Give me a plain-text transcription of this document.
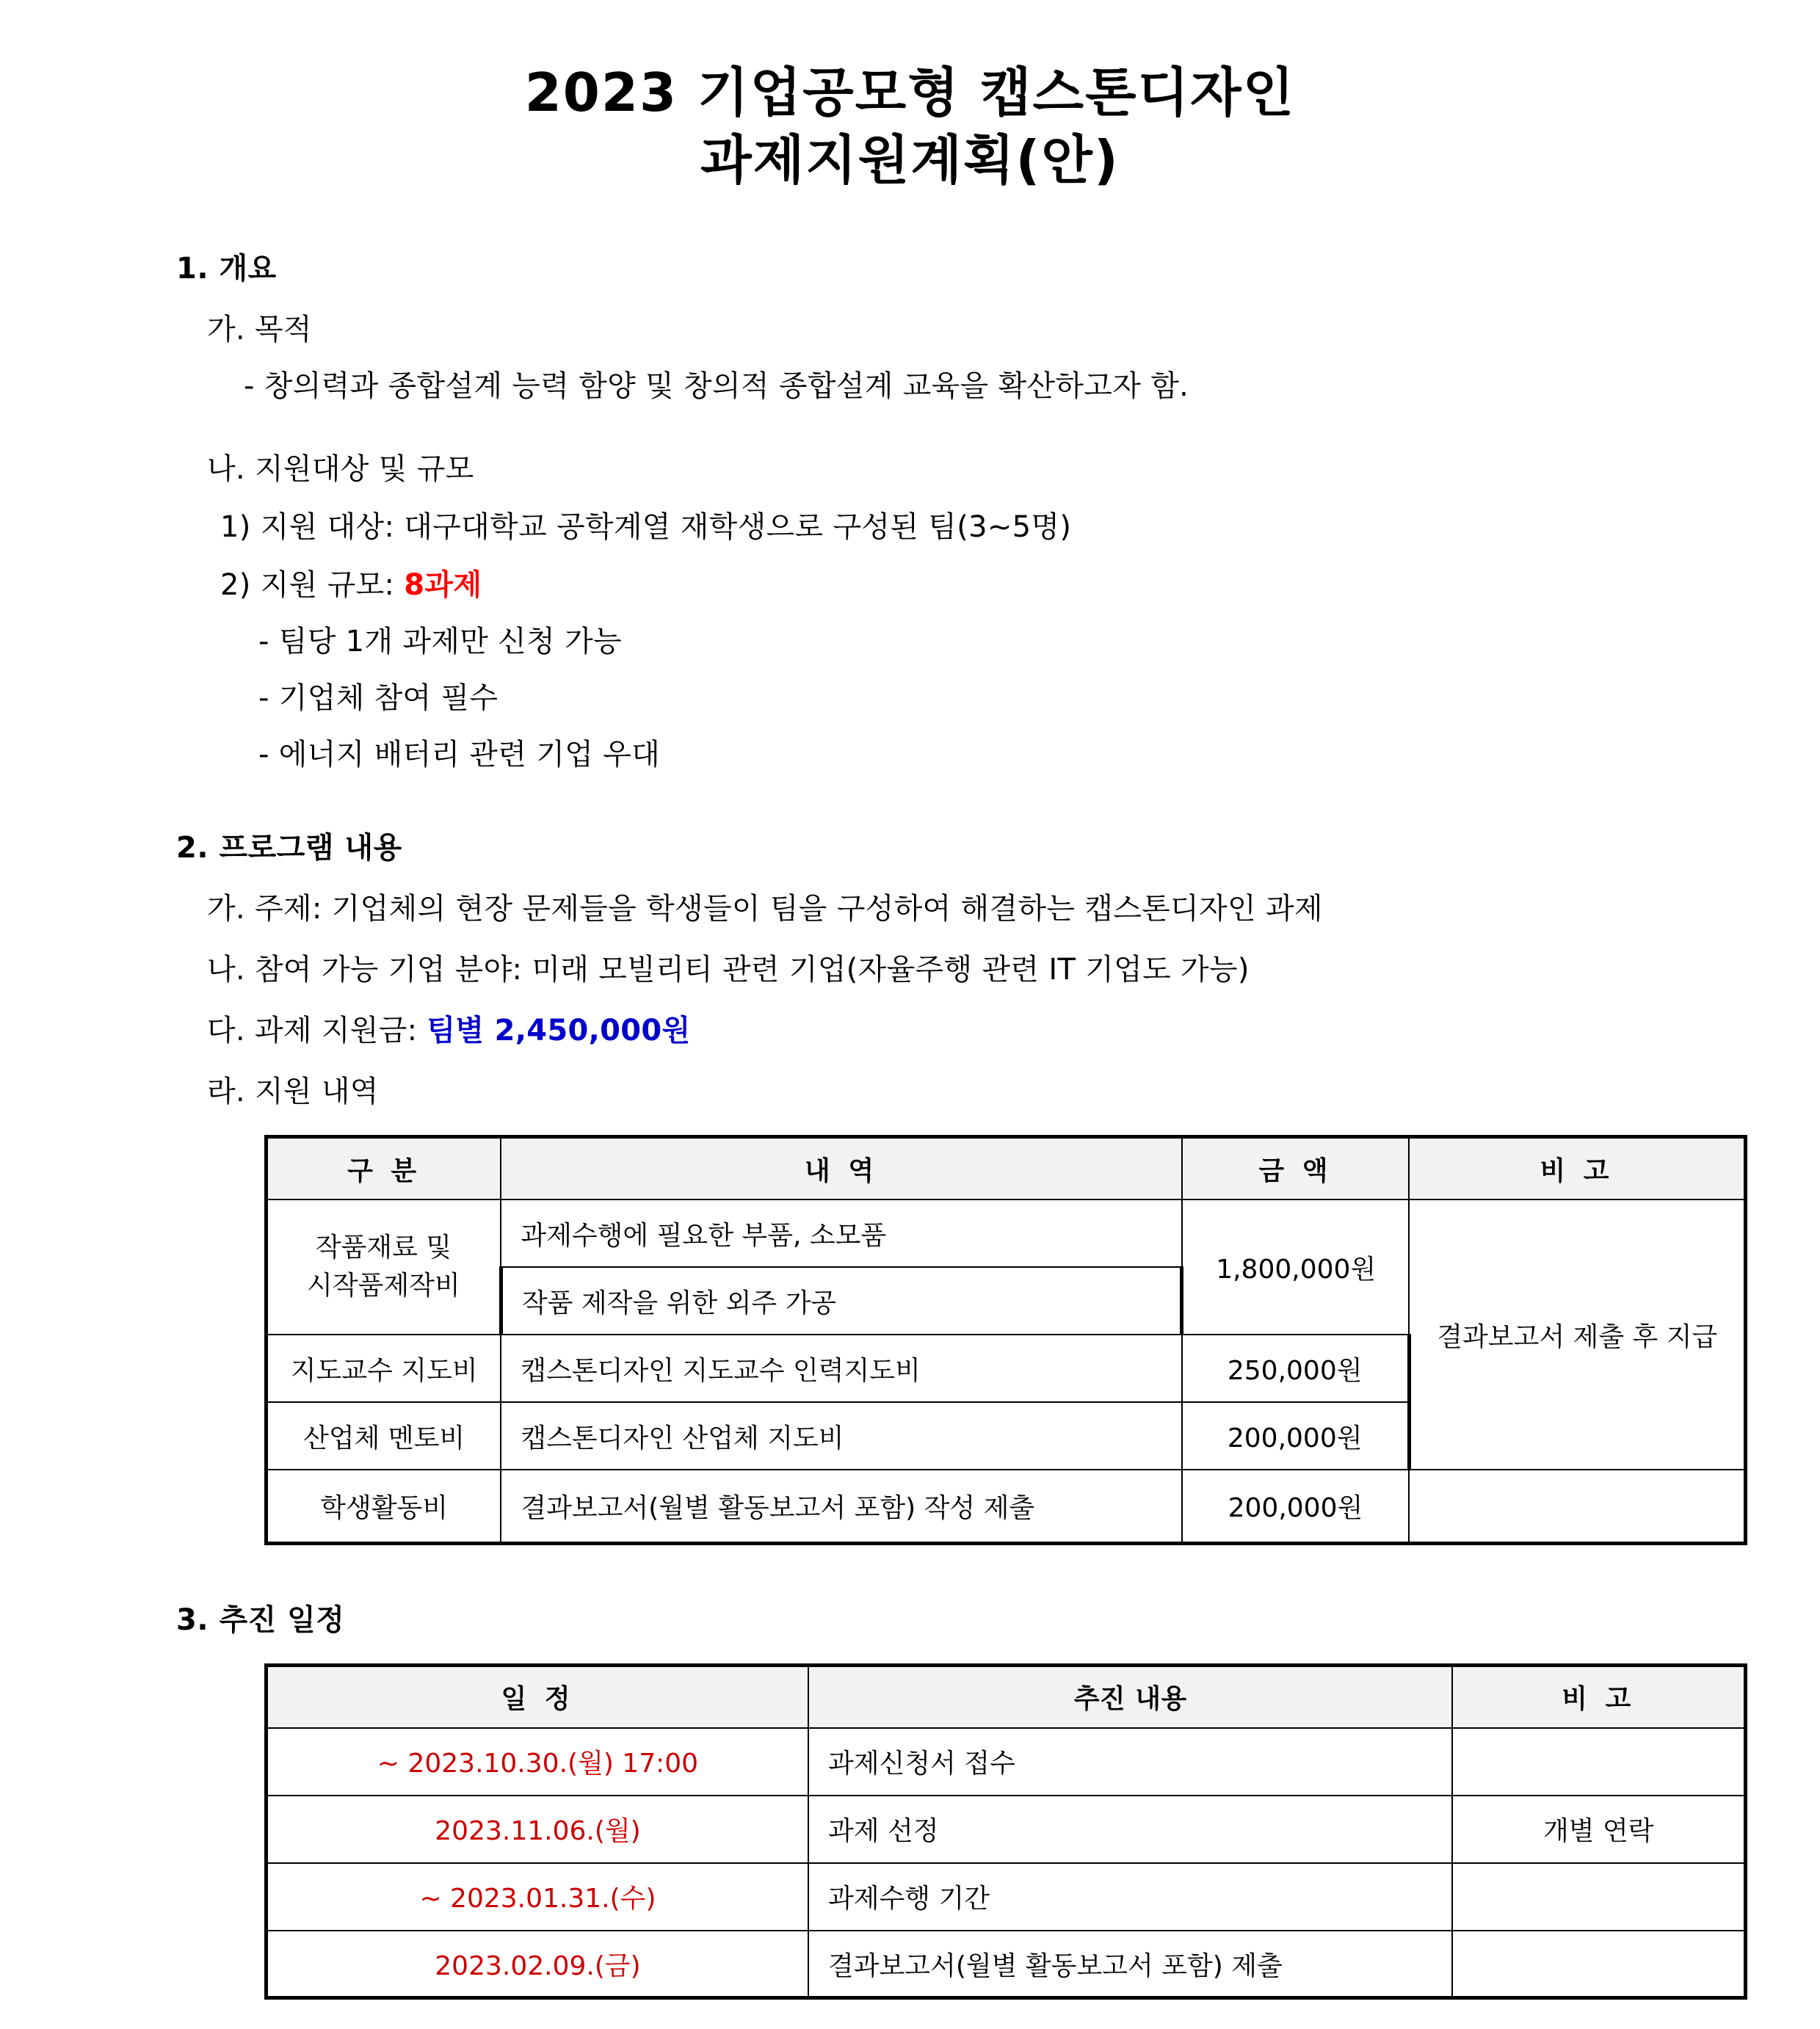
2023 기업공모형 캡스톤디자인
과제지원계획(안)
1. 개요
가. 목적
- 창의력과 종합설계 능력 함양 및 창의적 종합설계 교육을 확산하고자 함.
나. 지원대상 및 규모
1) 지원 대상: 대구대학교 공학계열 재학생으로 구성된 팀(3~5명)
2) 지원 규모: 8과제
- 팀당 1개 과제만 신청 가능
- 기업체 참여 필수
- 에너지 배터리 관련 기업 우대
2. 프로그램 내용
가. 주제: 기업체의 현장 문제들을 학생들이 팀을 구성하여 해결하는 캡스톤디자인 과제
나. 참여 가능 기업 분야: 미래 모빌리티 관련 기업(자율주행 관련 IT 기업도 가능)
다. 과제 지원금: 팀별 2,450,000원
라. 지원 내역
구 분	내 역	금 액	비 고

작품재료 및
시작품제작비	과제수행에 필요한 부품, 소모품	1,800,000원	결과보고서 제출 후 지급
	작품 제작을 위한 외주 가공		
지도교수 지도비	캡스톤디자인 지도교수 인력지도비	250,000원	
산업체 멘토비	캡스톤디자인 산업체 지도비	200,000원	
학생활동비	결과보고서(월별 활동보고서 포함) 작성 제출	200,000원	
3. 추진 일정
일 정	추진 내용	비 고
~ 2023.10.30.(월) 17:00	과제신청서 접수	
2023.11.06.(월)	과제 선정	개별 연락
~ 2023.01.31.(수)	과제수행 기간	
2023.02.09.(금)	결과보고서(월별 활동보고서 포함) 제출	
